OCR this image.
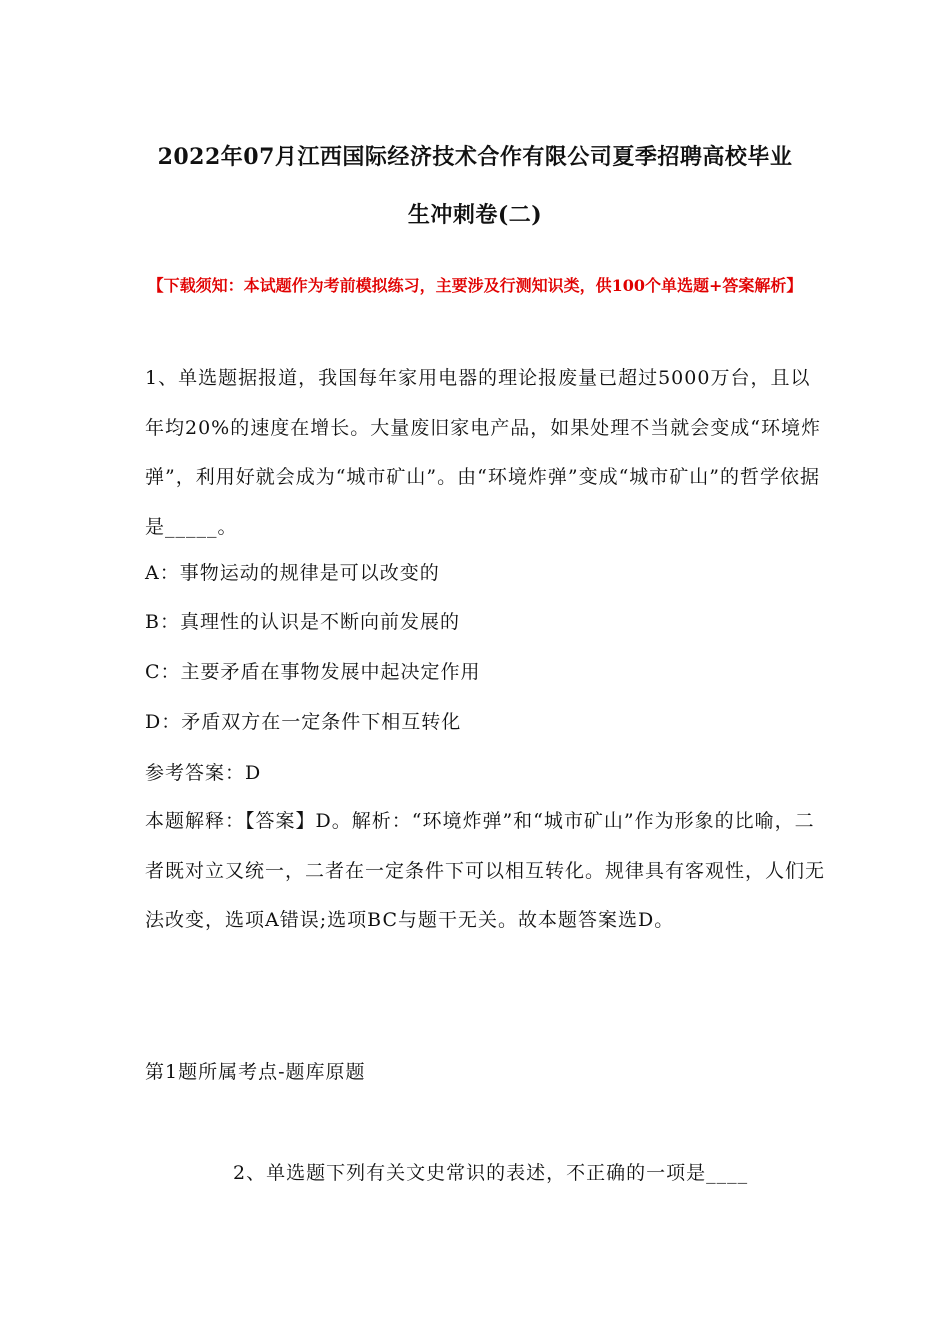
2022年07月江西国际经济技术合作有限公司夏季招聘高校毕业
生冲刺卷(二)
【下载须知：本试题作为考前模拟练习，主要涉及行测知识类，供100个单选题+答案解析】
1、单选题据报道，我国每年家用电器的理论报废量已超过5000万台，且以年均20%的速度在增长。大量废旧家电产品，如果处理不当就会变成“环境炸弹”，利用好就会成为“城市矿山”。由“环境炸弹”变成“城市矿山”的哲学依据是_____。
A：事物运动的规律是可以改变的
B：真理性的认识是不断向前发展的
C：主要矛盾在事物发展中起决定作用
D：矛盾双方在一定条件下相互转化
参考答案：D
本题解释：【答案】D。解析：“环境炸弹”和“城市矿山”作为形象的比喻，二者既对立又统一，二者在一定条件下可以相互转化。规律具有客观性，人们无法改变，选项A错误;选项BC与题干无关。故本题答案选D。
第1题所属考点-题库原题
2、单选题下列有关文史常识的表述，不正确的一项是____
